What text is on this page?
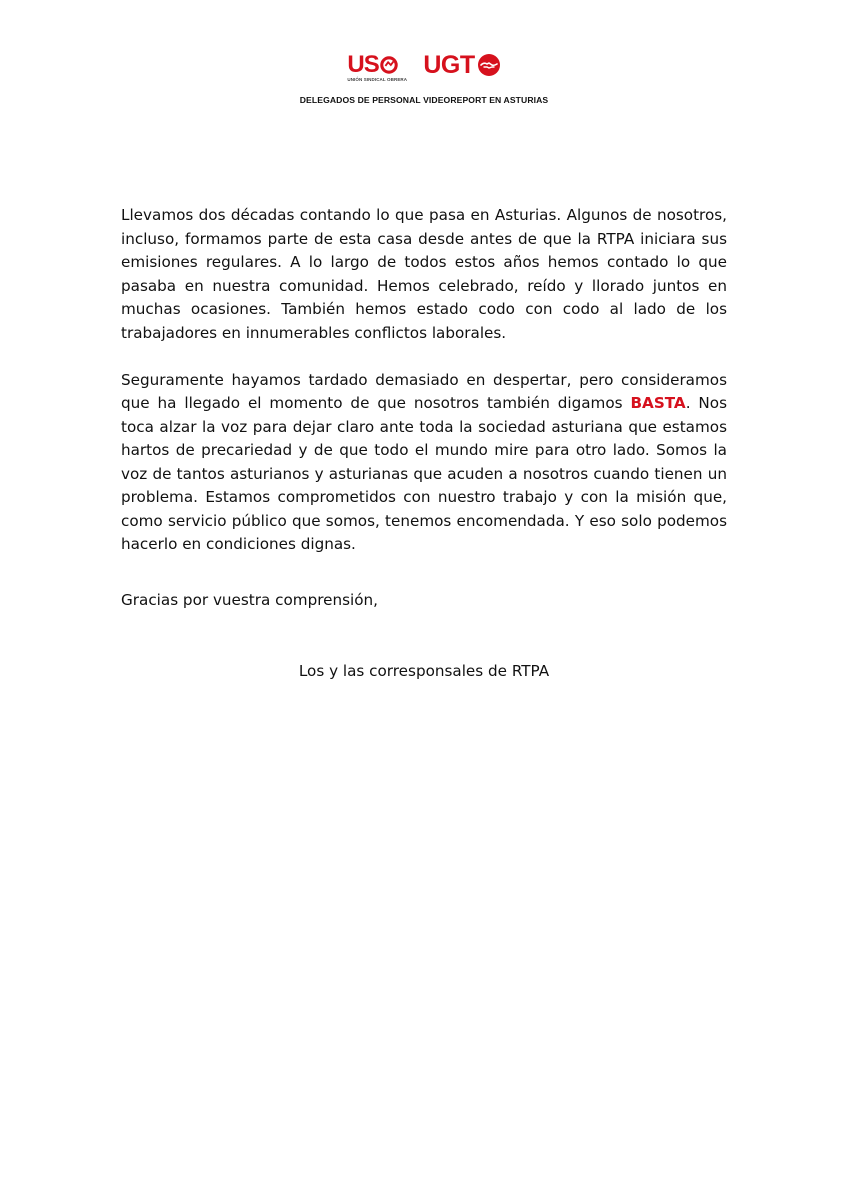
US
UNIÓN SINDICAL OBRERA
UGT
DELEGADOS DE PERSONAL VIDEOREPORT EN ASTURIAS

Llevamos dos décadas contando lo que pasa en Asturias. Algunos de nosotros, incluso, formamos parte de esta casa desde antes de que la RTPA iniciara sus emisiones regulares. A lo largo de todos estos años hemos contado lo que pasaba en nuestra comunidad. Hemos celebrado, reído y llorado juntos en muchas ocasiones. También hemos estado codo con codo al lado de los trabajadores en innumerables conflictos laborales.

Seguramente hayamos tardado demasiado en despertar, pero consideramos que ha llegado el momento de que nosotros también digamos BASTA. Nos toca alzar la voz para dejar claro ante toda la sociedad asturiana que estamos hartos de precariedad y de que todo el mundo mire para otro lado. Somos la voz de tantos asturianos y asturianas que acuden a nosotros cuando tienen un problema. Estamos comprometidos con nuestro trabajo y con la misión que, como servicio público que somos, tenemos encomendada. Y eso solo podemos hacerlo en condiciones dignas.

Gracias por vuestra comprensión,
Los y las corresponsales de RTPA
